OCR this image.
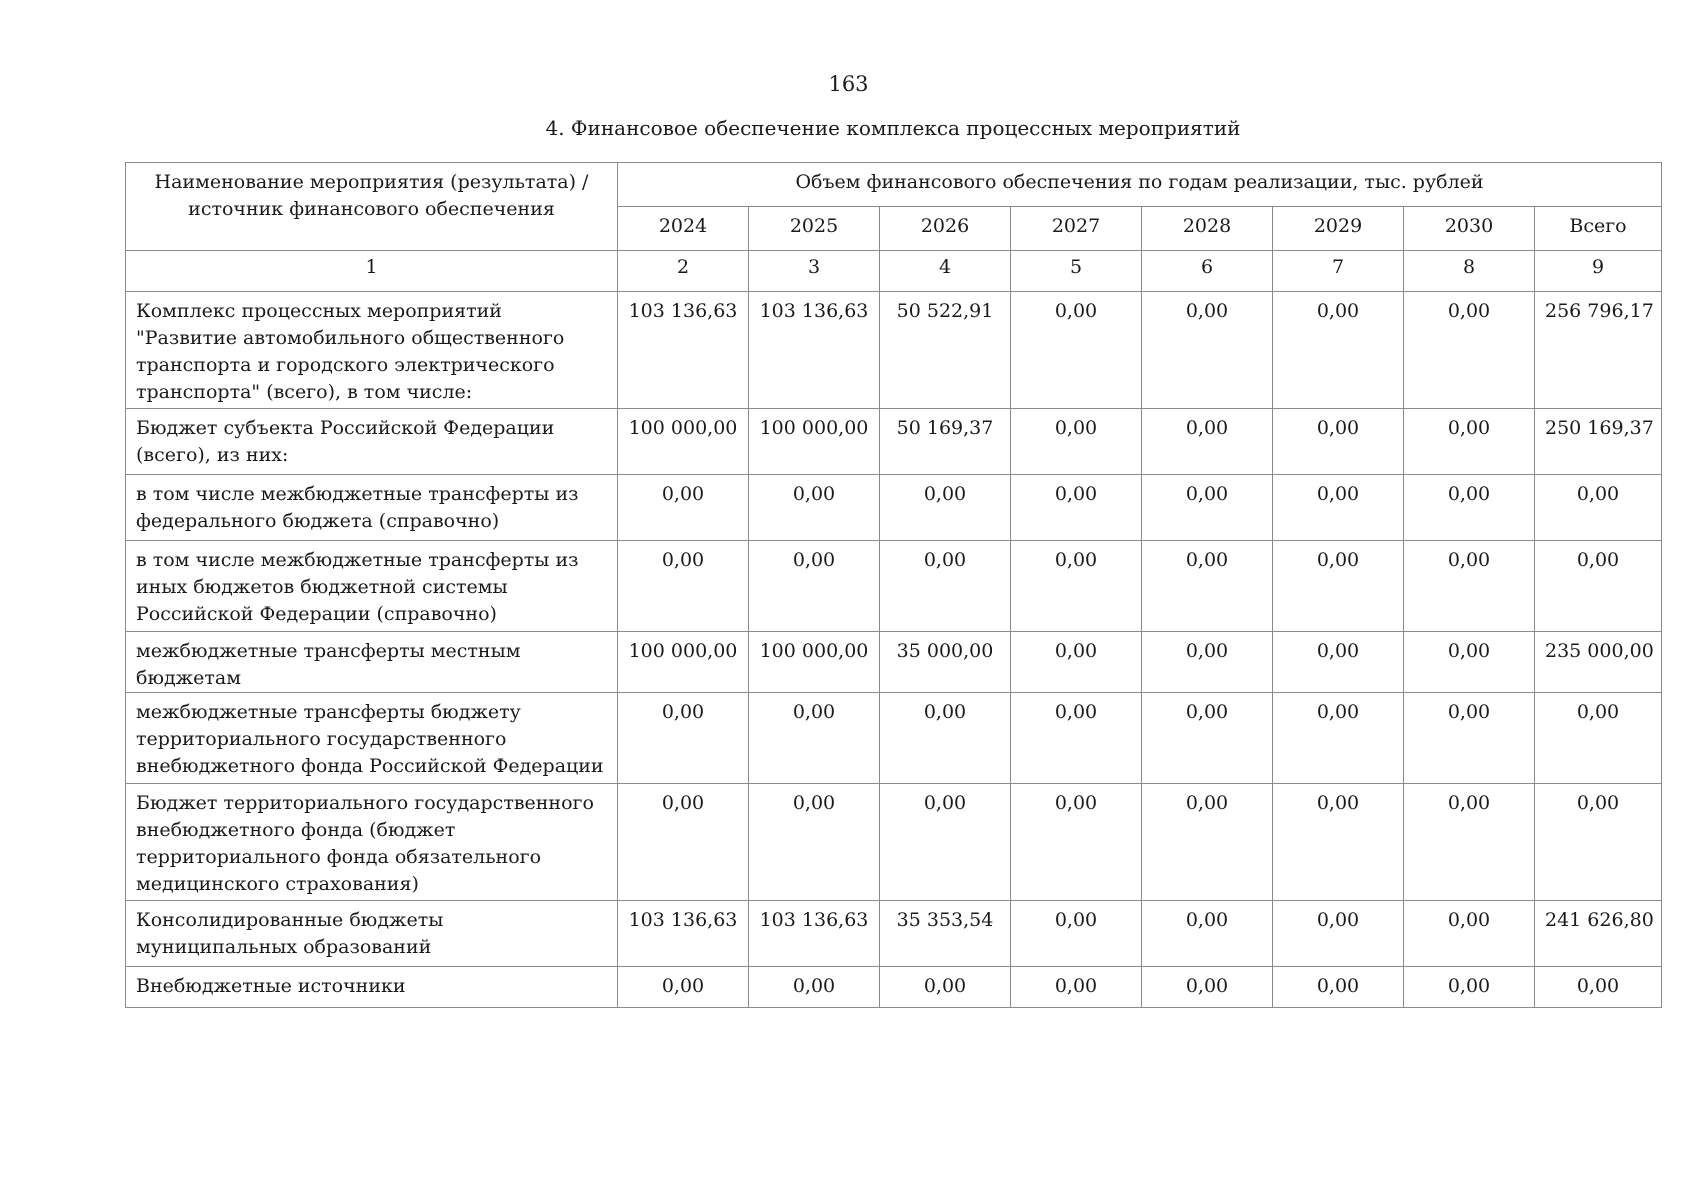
163
4. Финансовое обеспечение комплекса процессных мероприятий
Наименование мероприятия (результата) / источник финансового обеспечения	Объем финансового обеспечения по годам реализации, тыс. рублей							
	2024	2025	2026	2027	2028	2029	2030	Всего
1	2	3	4	5	6	7	8	9
Комплекс процессных мероприятий "Развитие автомобильного общественного транспорта и городского электрического транспорта" (всего), в том числе:	103 136,63	103 136,63	50 522,91	0,00	0,00	0,00	0,00	256 796,17
Бюджет субъекта Российской Федерации (всего), из них:	100 000,00	100 000,00	50 169,37	0,00	0,00	0,00	0,00	250 169,37
в том числе межбюджетные трансферты из федерального бюджета (справочно)	0,00	0,00	0,00	0,00	0,00	0,00	0,00	0,00
в том числе межбюджетные трансферты из иных бюджетов бюджетной системы Российской Федерации (справочно)	0,00	0,00	0,00	0,00	0,00	0,00	0,00	0,00
межбюджетные трансферты местным бюджетам	100 000,00	100 000,00	35 000,00	0,00	0,00	0,00	0,00	235 000,00
межбюджетные трансферты бюджету территориального государственного внебюджетного фонда Российской Федерации	0,00	0,00	0,00	0,00	0,00	0,00	0,00	0,00
Бюджет территориального государственного внебюджетного фонда (бюджет территориального фонда обязательного медицинского страхования)	0,00	0,00	0,00	0,00	0,00	0,00	0,00	0,00
Консолидированные бюджеты муниципальных образований	103 136,63	103 136,63	35 353,54	0,00	0,00	0,00	0,00	241 626,80
Внебюджетные источники	0,00	0,00	0,00	0,00	0,00	0,00	0,00	0,00
